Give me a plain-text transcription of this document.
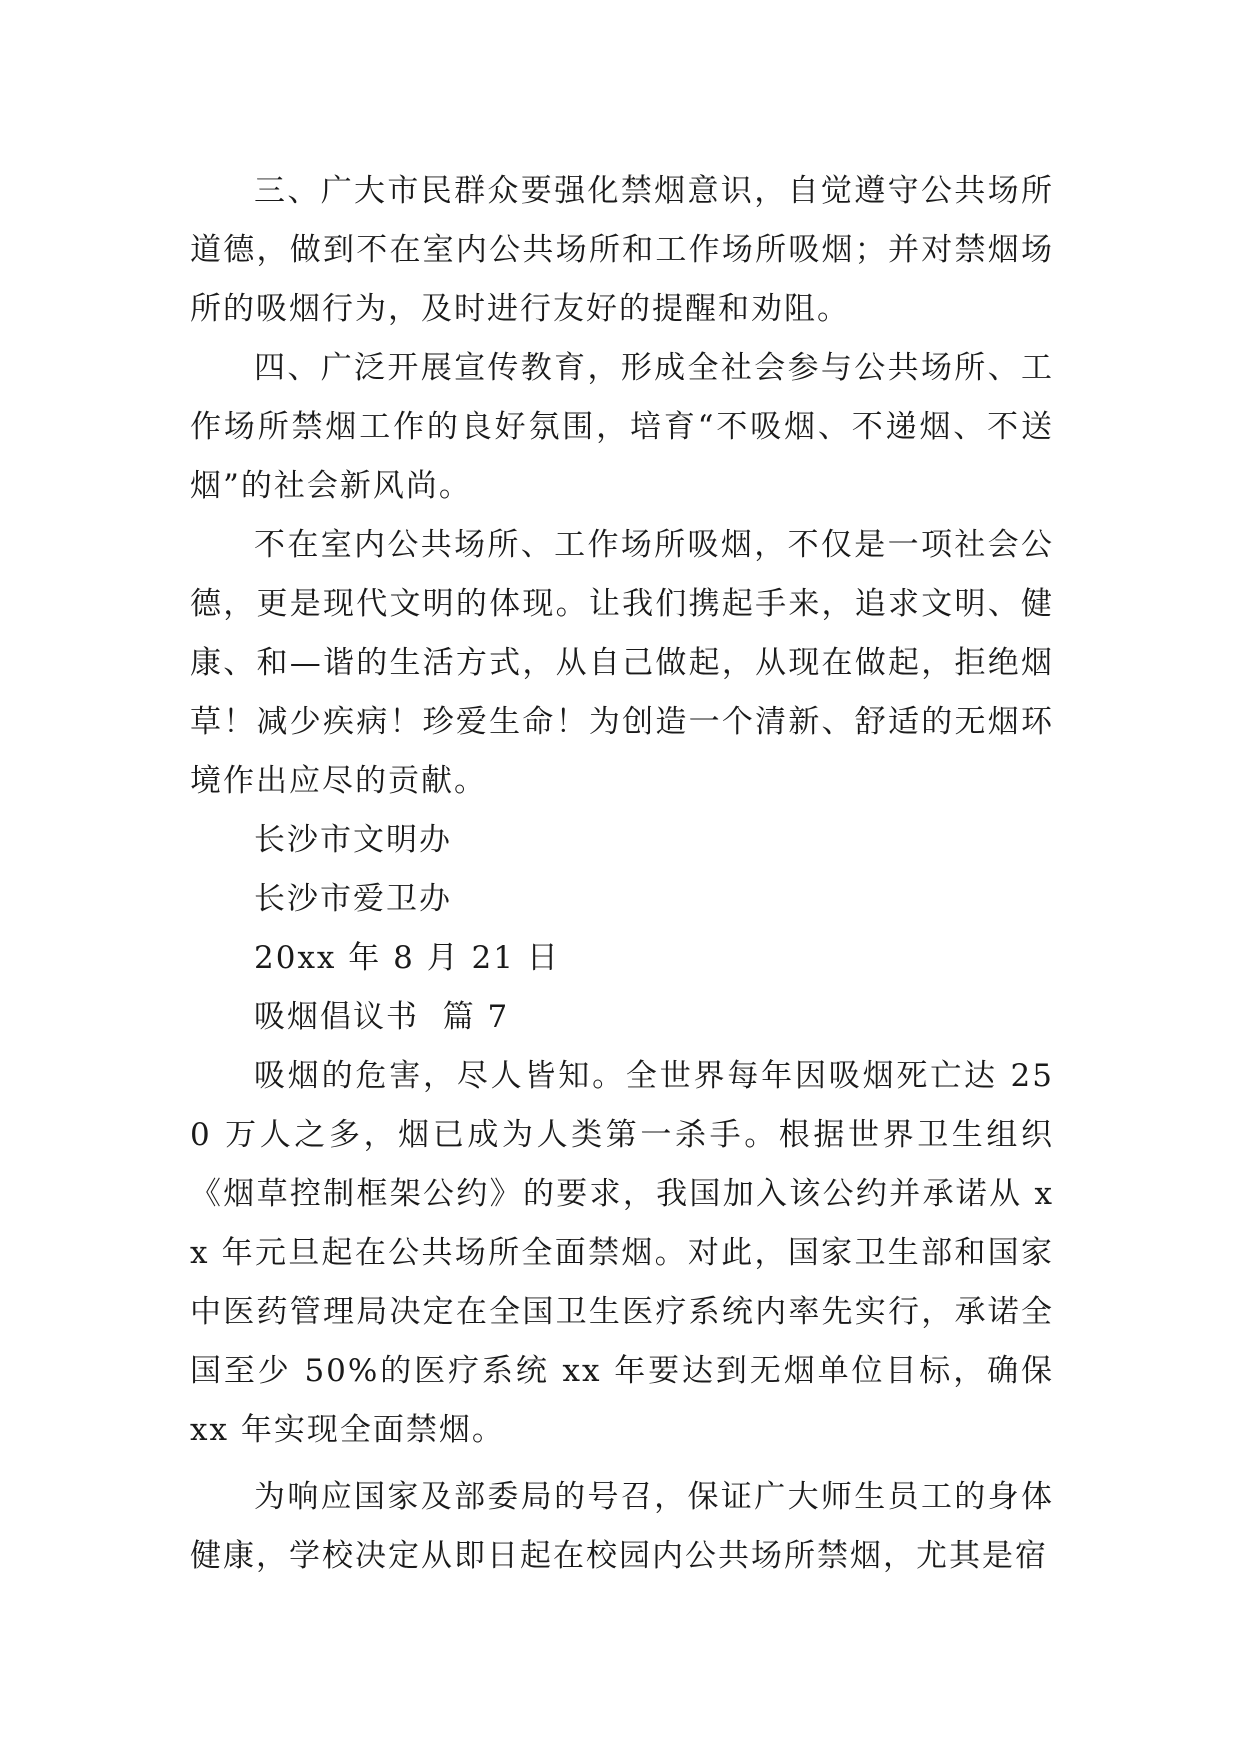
三、广大市民群众要强化禁烟意识，自觉遵守公共场所道德，做到不在室内公共场所和工作场所吸烟；并对禁烟场所的吸烟行为，及时进行友好的提醒和劝阻。

四、广泛开展宣传教育，形成全社会参与公共场所、工作场所禁烟工作的良好氛围，培育“不吸烟、不递烟、不送烟”的社会新风尚。

不在室内公共场所、工作场所吸烟，不仅是一项社会公德，更是现代文明的体现。让我们携起手来，追求文明、健康、和—谐的生活方式，从自己做起，从现在做起，拒绝烟草！减少疾病！珍爱生命！为创造一个清新、舒适的无烟环境作出应尽的贡献。

长沙市文明办

长沙市爱卫办

20xx 年 8 月 21 日

吸烟倡议书  篇 7

吸烟的危害，尽人皆知。全世界每年因吸烟死亡达 250 万人之多，烟已成为人类第一杀手。根据世界卫生组织《烟草控制框架公约》的要求，我国加入该公约并承诺从 xx 年元旦起在公共场所全面禁烟。对此，国家卫生部和国家中医药管理局决定在全国卫生医疗系统内率先实行，承诺全国至少 50%的医疗系统 xx 年要达到无烟单位目标，确保 xx 年实现全面禁烟。

为响应国家及部委局的号召，保证广大师生员工的身体健康，学校决定从即日起在校园内公共场所禁烟，尤其是宿
